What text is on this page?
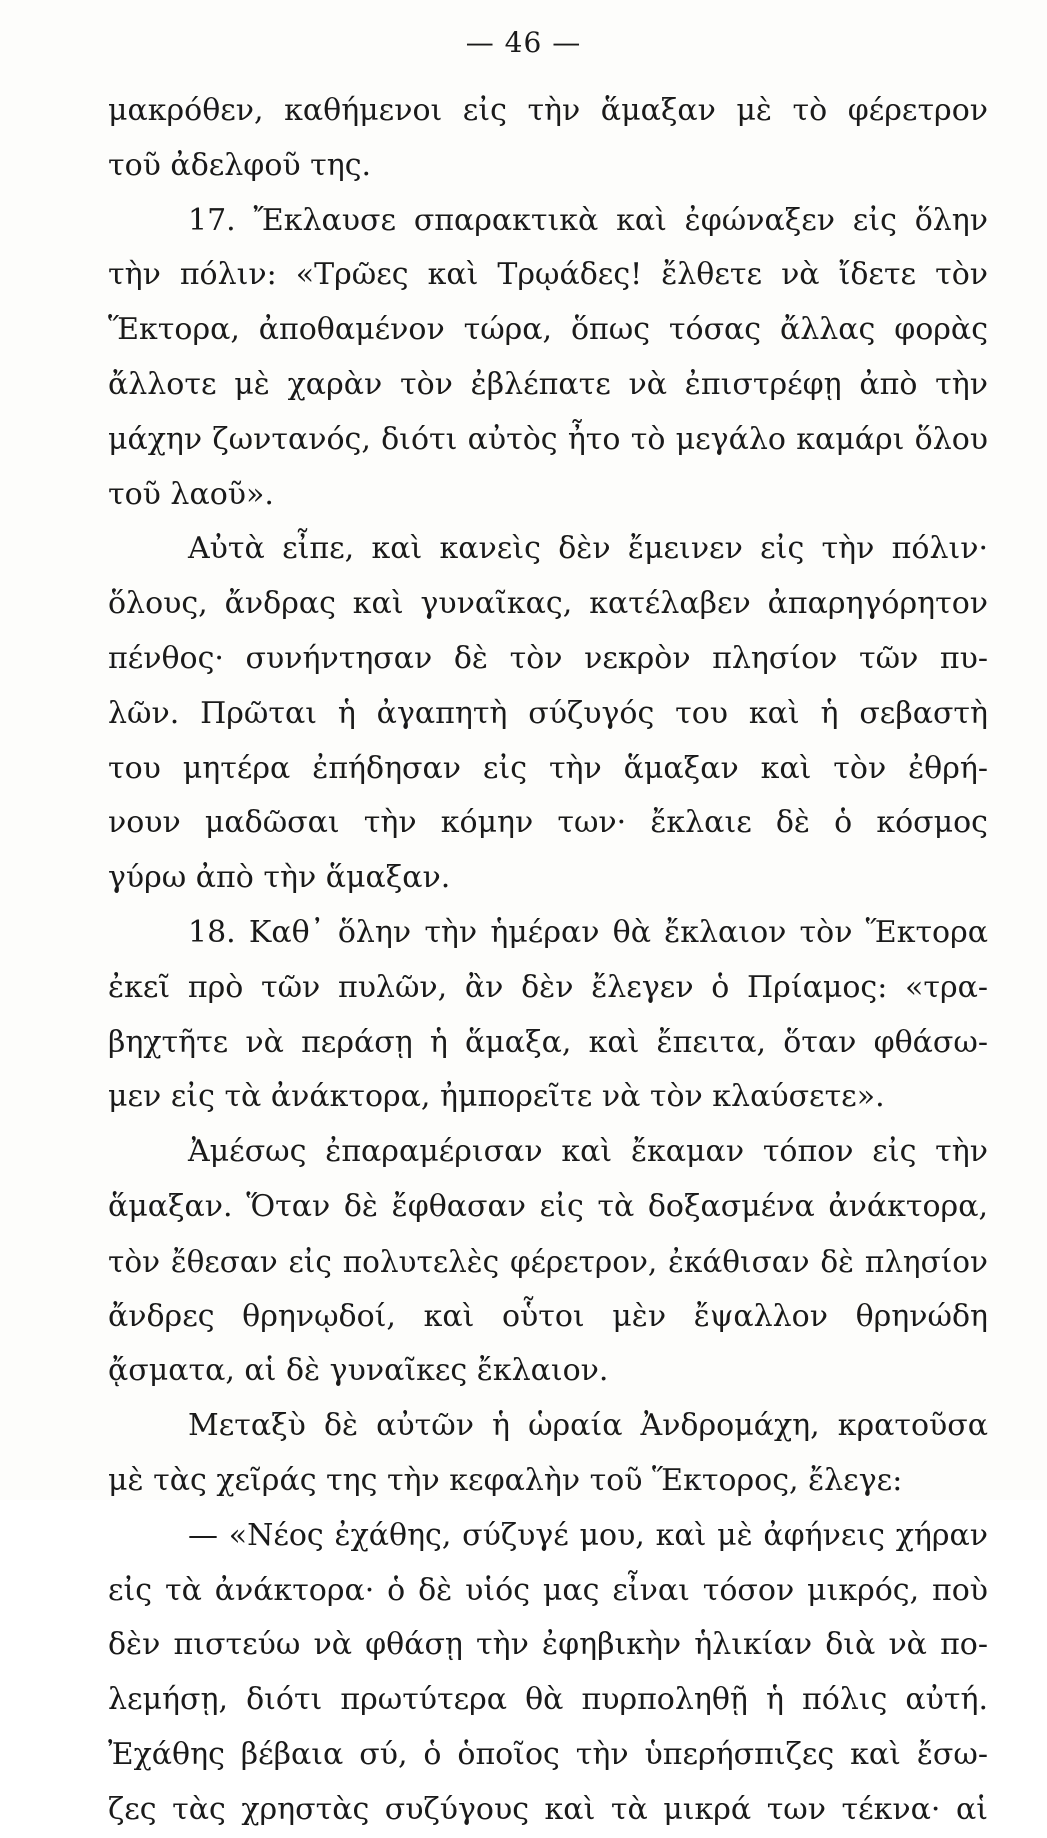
— 46 —
μακρόθεν, καθήμενοι εἰς τὴν ἅμαξαν μὲ τὸ φέρετρον
τοῦ ἀδελφοῦ της.
17. Ἔκλαυσε σπαρακτικὰ καὶ ἐφώναξεν εἰς ὅλην
τὴν πόλιν: «Τρῶες καὶ Τρῳάδες! ἔλθετε νὰ ἴδετε τὸν
Ἕκτορα, ἀποθαμένον τώρα, ὅπως τόσας ἄλλας φορὰς
ἄλλοτε μὲ χαρὰν τὸν ἐβλέπατε νὰ ἐπιστρέφῃ ἀπὸ τὴν
μάχην ζωντανός, διότι αὐτὸς ἦτο τὸ μεγάλο καμάρι ὅλου
τοῦ λαοῦ».
Αὐτὰ εἶπε, καὶ κανεὶς δὲν ἔμεινεν εἰς τὴν πόλιν·
ὅλους, ἄνδρας καὶ γυναῖκας, κατέλαβεν ἀπαρηγόρητον
πένθος· συνήντησαν δὲ τὸν νεκρὸν πλησίον τῶν πυ-
λῶν. Πρῶται ἡ ἀγαπητὴ σύζυγός του καὶ ἡ σεβαστὴ
του μητέρα ἐπήδησαν εἰς τὴν ἅμαξαν καὶ τὸν ἐθρή-
νουν μαδῶσαι τὴν κόμην των· ἔκλαιε δὲ ὁ κόσμος
γύρω ἀπὸ τὴν ἅμαξαν.
18. Καθ᾿ ὅλην τὴν ἡμέραν θὰ ἔκλαιον τὸν Ἕκτορα
ἐκεῖ πρὸ τῶν πυλῶν, ἂν δὲν ἔλεγεν ὁ Πρίαμος: «τρα-
βηχτῆτε νὰ περάσῃ ἡ ἅμαξα, καὶ ἔπειτα, ὅταν φθάσω-
μεν εἰς τὰ ἀνάκτορα, ἠμπορεῖτε νὰ τὸν κλαύσετε».
Ἀμέσως ἐπαραμέρισαν καὶ ἔκαμαν τόπον εἰς τὴν
ἅμαξαν. Ὅταν δὲ ἔφθασαν εἰς τὰ δοξασμένα ἀνάκτορα,
τὸν ἔθεσαν εἰς πολυτελὲς φέρετρον, ἐκάθισαν δὲ πλησίον
ἄνδρες θρηνῳδοί, καὶ οὗτοι μὲν ἔψαλλον θρηνώδη
ᾄσματα, αἱ δὲ γυναῖκες ἔκλαιον.
Μεταξὺ δὲ αὐτῶν ἡ ὡραία Ἀνδρομάχη, κρατοῦσα
μὲ τὰς χεῖράς της τὴν κεφαλὴν τοῦ Ἕκτορος, ἔλεγε:
— «Νέος ἐχάθης, σύζυγέ μου, καὶ μὲ ἀφήνεις χήραν
εἰς τὰ ἀνάκτορα· ὁ δὲ υἱός μας εἶναι τόσον μικρός, ποὺ
δὲν πιστεύω νὰ φθάσῃ τὴν ἐφηβικὴν ἡλικίαν διὰ νὰ πο-
λεμήσῃ, διότι πρωτύτερα θὰ πυρποληθῇ ἡ πόλις αὐτή.
Ἐχάθης βέβαια σύ, ὁ ὁποῖος τὴν ὑπερήσπιζες καὶ ἔσω-
ζες τὰς χρηστὰς συζύγους καὶ τὰ μικρά των τέκνα· αἱ
